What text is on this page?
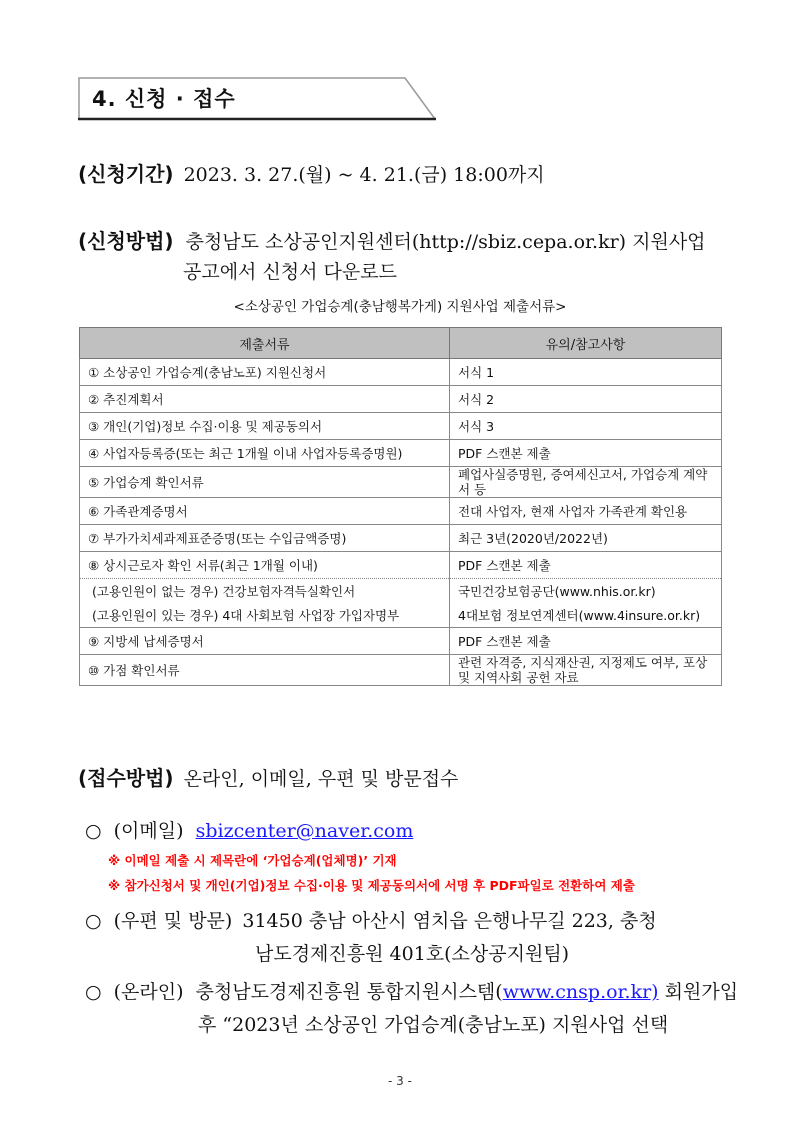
4. 신청 · 접수
(신청기간) 2023. 3. 27.(월) ~ 4. 21.(금) 18:00까지
(신청방법) 충청남도 소상공인지원센터(http://sbiz.cepa.or.kr) 지원사업
공고에서 신청서 다운로드
<소상공인 가업승계(충남행복가게) 지원사업 제출서류>
제출서류	유의/참고사항
① 소상공인 가업승계(충남노포) 지원신청서	서식 1
② 추진계획서	서식 2
③ 개인(기업)정보 수집·이용 및 제공동의서	서식 3
④ 사업자등록증(또는 최근 1개월 이내 사업자등록증명원)	PDF 스캔본 제출
⑤ 가업승계 확인서류	폐업사실증명원, 증여세신고서, 가업승계 계약서 등
⑥ 가족관계증명서	전대 사업자, 현재 사업자 가족관계 확인용
⑦ 부가가치세과제표준증명(또는 수입금액증명)	최근 3년(2020년/2022년)
⑧ 상시근로자 확인 서류(최근 1개월 이내)	PDF 스캔본 제출
(고용인원이 없는 경우) 건강보험자격득실확인서	국민건강보험공단(www.nhis.or.kr)
(고용인원이 있는 경우) 4대 사회보험 사업장 가입자명부	4대보험 정보연계센터(www.4insure.or.kr)
⑨ 지방세 납세증명서	PDF 스캔본 제출
⑩ 가점 확인서류	관련 자격증, 지식재산권, 지정제도 여부, 포상 및 지역사회 공헌 자료
(접수방법) 온라인, 이메일, 우편 및 방문접수
○ (이메일) sbizcenter@naver.com
※ 이메일 제출 시 제목란에 ‘가업승계(업체명)’ 기재
※ 참가신청서 및 개인(기업)정보 수집·이용 및 제공동의서에 서명 후 PDF파일로 전환하여 제출
○ (우편 및 방문) 31450 충남 아산시 염치읍 은행나무길 223, 충청
남도경제진흥원 401호(소상공지원팀)
○ (온라인) 충청남도경제진흥원 통합지원시스템(www.cnsp.or.kr) 회원가입
후 “2023년 소상공인 가업승계(충남노포) 지원사업 선택
- 3 -
